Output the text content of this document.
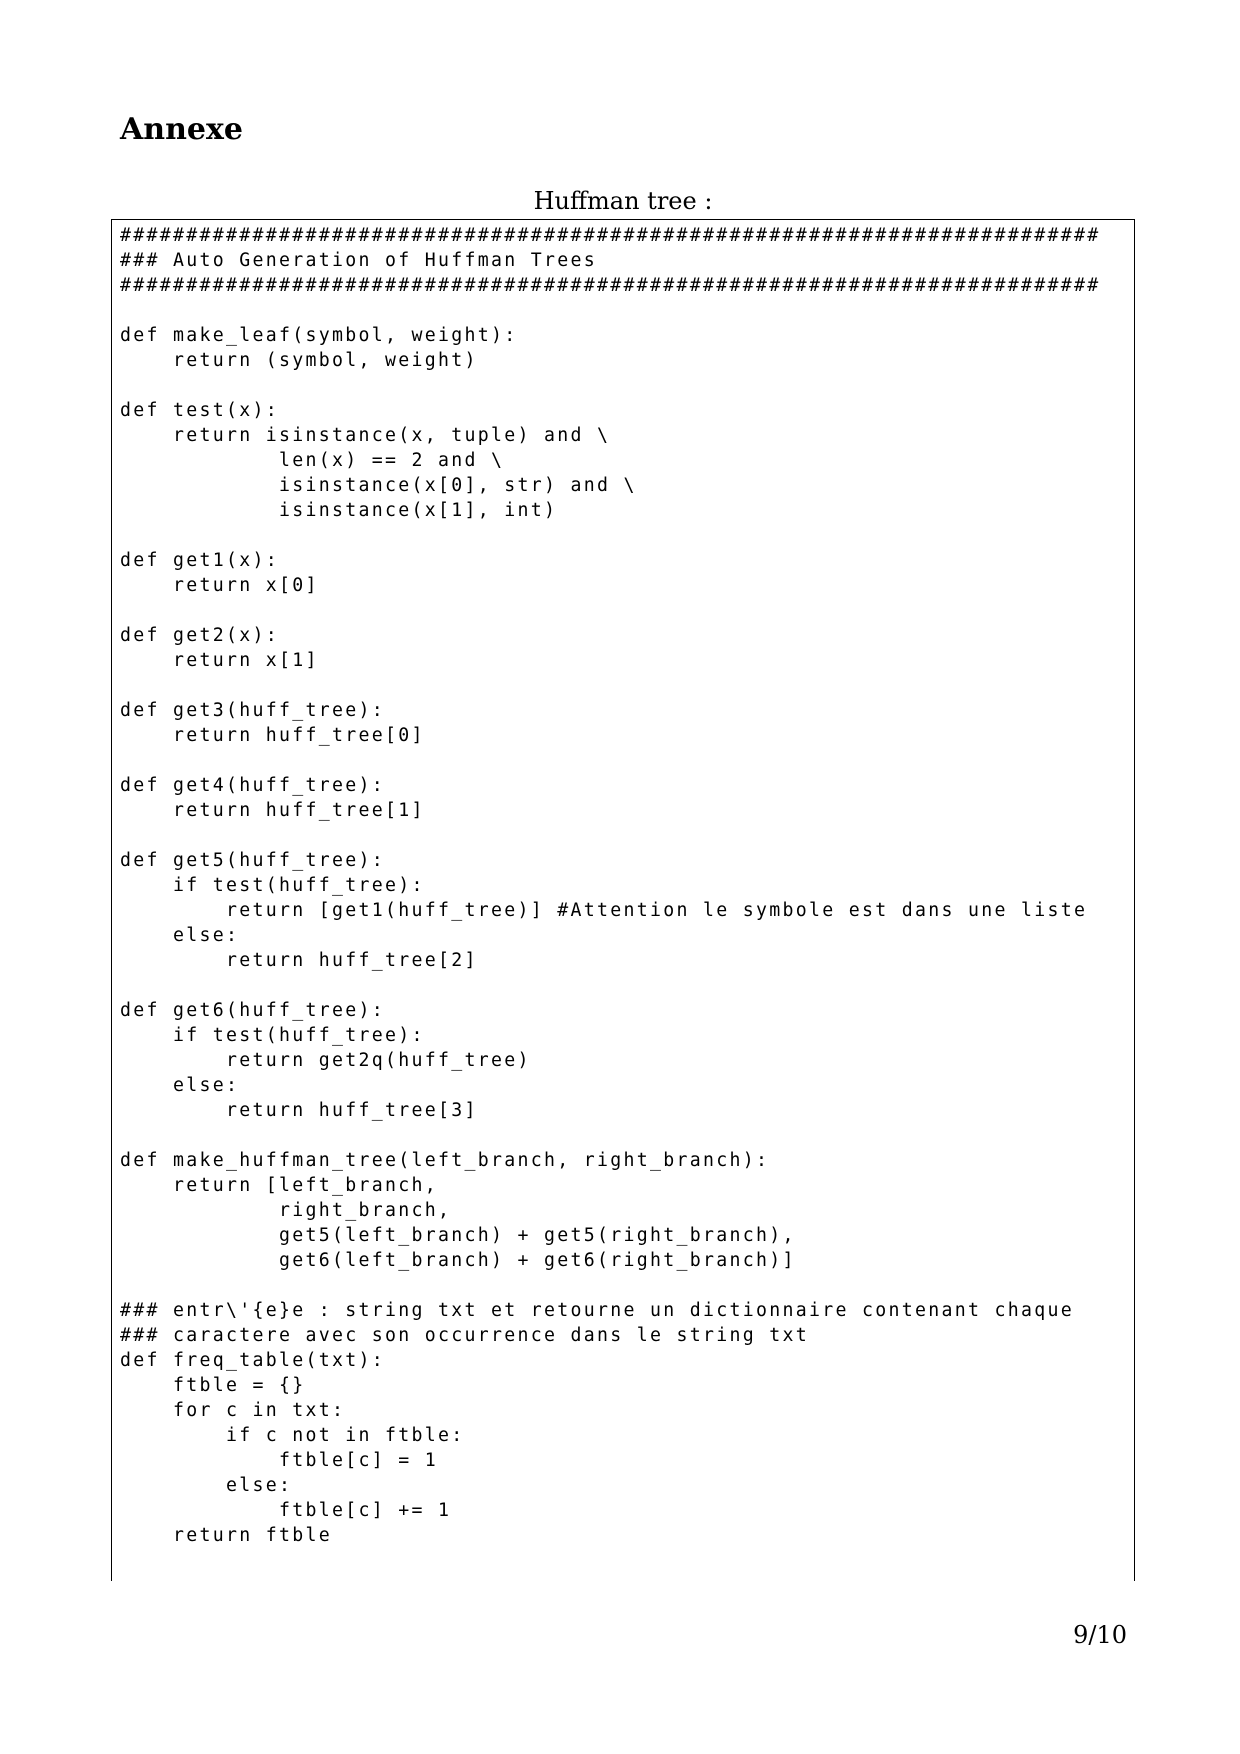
Annexe
Huffman tree :
##########################################################################
### Auto Generation of Huffman Trees
##########################################################################
def make_leaf(symbol, weight):
return (symbol, weight)
def test(x):
return isinstance(x, tuple) and \
len(x) == 2 and \
isinstance(x[0], str) and \
isinstance(x[1], int)
def get1(x):
return x[0]
def get2(x):
return x[1]
def get3(huff_tree):
return huff_tree[0]
def get4(huff_tree):
return huff_tree[1]
def get5(huff_tree):
if test(huff_tree):
return [get1(huff_tree)] #Attention le symbole est dans une liste
else:
return huff_tree[2]
def get6(huff_tree):
if test(huff_tree):
return get2q(huff_tree)
else:
return huff_tree[3]
def make_huffman_tree(left_branch, right_branch):
return [left_branch,
right_branch,
get5(left_branch) + get5(right_branch),
get6(left_branch) + get6(right_branch)]
### entr\'{e}e : string txt et retourne un dictionnaire contenant chaque
### caractere avec son occurrence dans le string txt
def freq_table(txt):
ftble = {}
for c in txt:
if c not in ftble:
ftble[c] = 1
else:
ftble[c] += 1
return ftble
9/10
